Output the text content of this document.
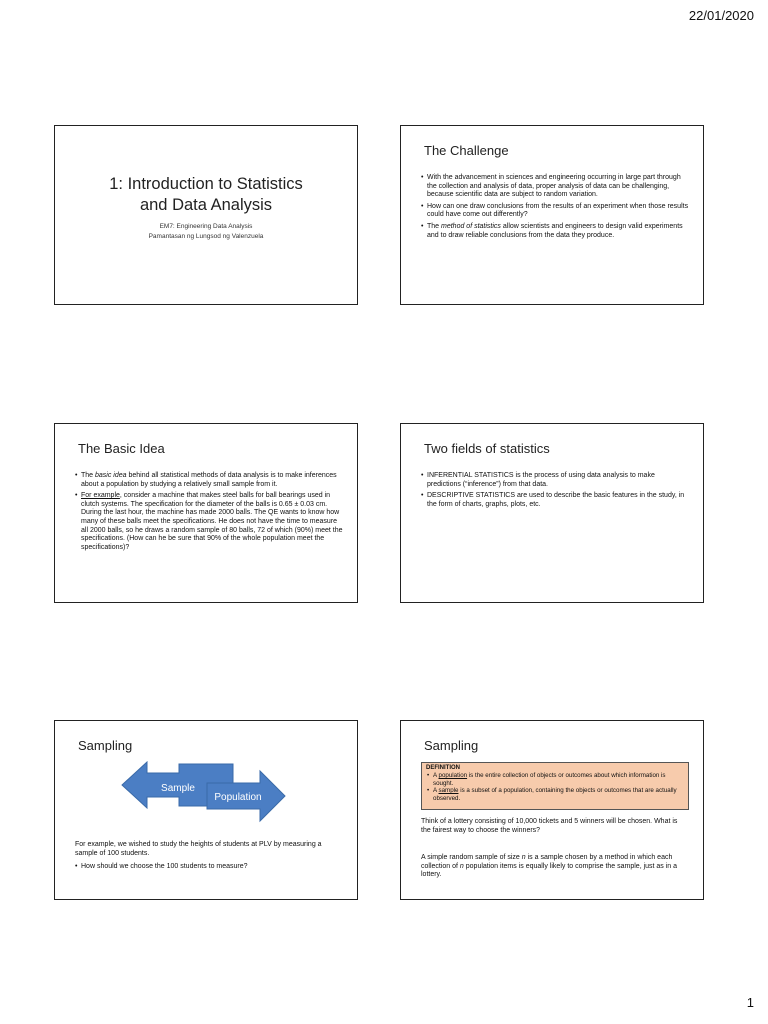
22/01/2020
1: Introduction to Statistics
and Data Analysis
EM7: Engineering Data Analysis
Pamantasan ng Lungsod ng Valenzuela
The Challenge
• With the advancement in sciences and engineering occurring in large part through the collection and analysis of data, proper analysis of data can be challenging, because scientific data are subject to random variation.
• How can one draw conclusions from the results of an experiment when those results could have come out differently?
• The method of statistics allow scientists and engineers to design valid experiments and to draw reliable conclusions from the data they produce.
The Basic Idea
• The basic idea behind all statistical methods of data analysis is to make inferences about a population by studying a relatively small sample from it.
• For example, consider a machine that makes steel balls for ball bearings used in clutch systems. The specification for the diameter of the balls is 0.65 ± 0.03 cm. During the last hour, the machine has made 2000 balls. The QE wants to know how many of these balls meet the specifications. He does not have the time to measure all 2000 balls, so he draws a random sample of 80 balls, 72 of which (90%) meet the specifications. (How can he be sure that 90% of the whole population meet the specifications)?
Two fields of statistics
• INFERENTIAL STATISTICS is the process of using data analysis to make predictions (“inference”) from that data.
• DESCRIPTIVE STATISTICS are used to describe the basic features in the study, in the form of charts, graphs, plots, etc.
Sampling
Sample
Population
For example, we wished to study the heights of students at PLV by measuring a sample of 100 students.
• How should we choose the 100 students to measure?
Sampling
DEFINITION
• A population is the entire collection of objects or outcomes about which information is sought.
• A sample is a subset of a population, containing the objects or outcomes that are actually observed.
Think of a lottery consisting of 10,000 tickets and 5 winners will be chosen. What is the fairest way to choose the winners?
A simple random sample of size n is a sample chosen by a method in which each collection of n population items is equally likely to comprise the sample, just as in a lottery.
1
